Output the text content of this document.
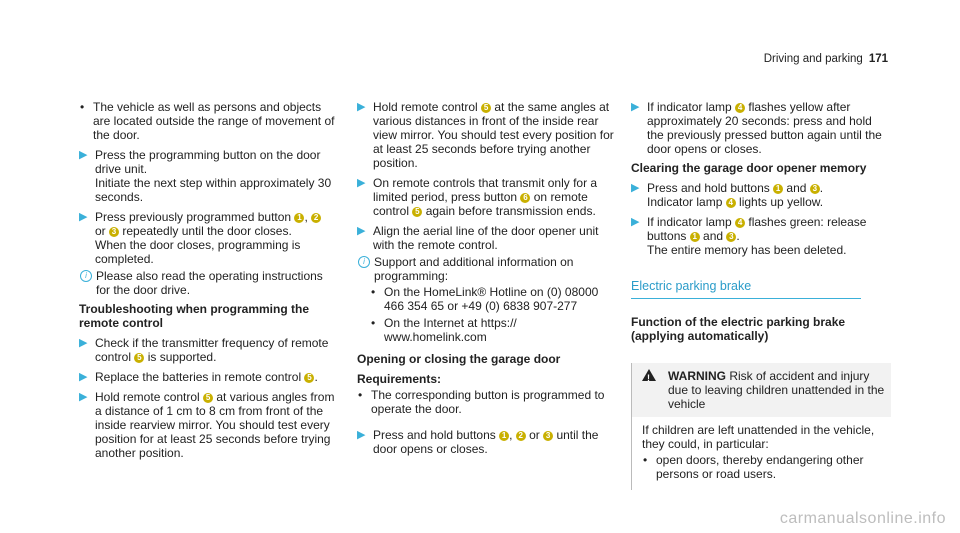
Driving and parking 171
• The vehicle as well as persons and objects are located outside the range of movement of the door.
▶ Press the programming button on the door drive unit.
Initiate the next step within approximately 30 seconds.
▶ Press previously programmed button 1 , 2
or 3 repeatedly until the door closes.
When the door closes, programming is completed.
i Please also read the operating instructions for the door drive.
Troubleshooting when programming the remote control
▶ Check if the transmitter frequency of remote control 5 is supported.
▶ Replace the batteries in remote control 5 .
▶ Hold remote control 5 at various angles from a distance of 1 cm to 8 cm from front of the inside rearview mirror. You should test every position for at least 25 seconds before trying another position.
▶ Hold remote control 5 at the same angles at various distances in front of the inside rear view mirror. You should test every position for at least 25 seconds before trying another position.
▶ On remote controls that transmit only for a limited period, press button 6 on remote control 5 again before transmission ends.
▶ Align the aerial line of the door opener unit with the remote control.
i Support and additional information on programming:
• On the HomeLink® Hotline on (0) 08000 466 354 65 or +49 (0) 6838 907-277
• On the Internet at https:// www.homelink.com
Opening or closing the garage door
Requirements:
• The corresponding button is programmed to operate the door.
▶ Press and hold buttons 1 , 2 or 3 until the door opens or closes.
▶ If indicator lamp 4 flashes yellow after approximately 20 seconds: press and hold the previously pressed button again until the door opens or closes.
Clearing the garage door opener memory
▶ Press and hold buttons 1 and 3 .
Indicator lamp 4 lights up yellow.
▶ If indicator lamp 4 flashes green: release buttons 1 and 3 .
The entire memory has been deleted.
Electric parking brake
Function of the electric parking brake (applying automatically)
! WARNING Risk of accident and injury due to leaving children unattended in the vehicle
If children are left unattended in the vehicle, they could, in particular:
• open doors, thereby endangering other persons or road users.
carmanualsonline.info
